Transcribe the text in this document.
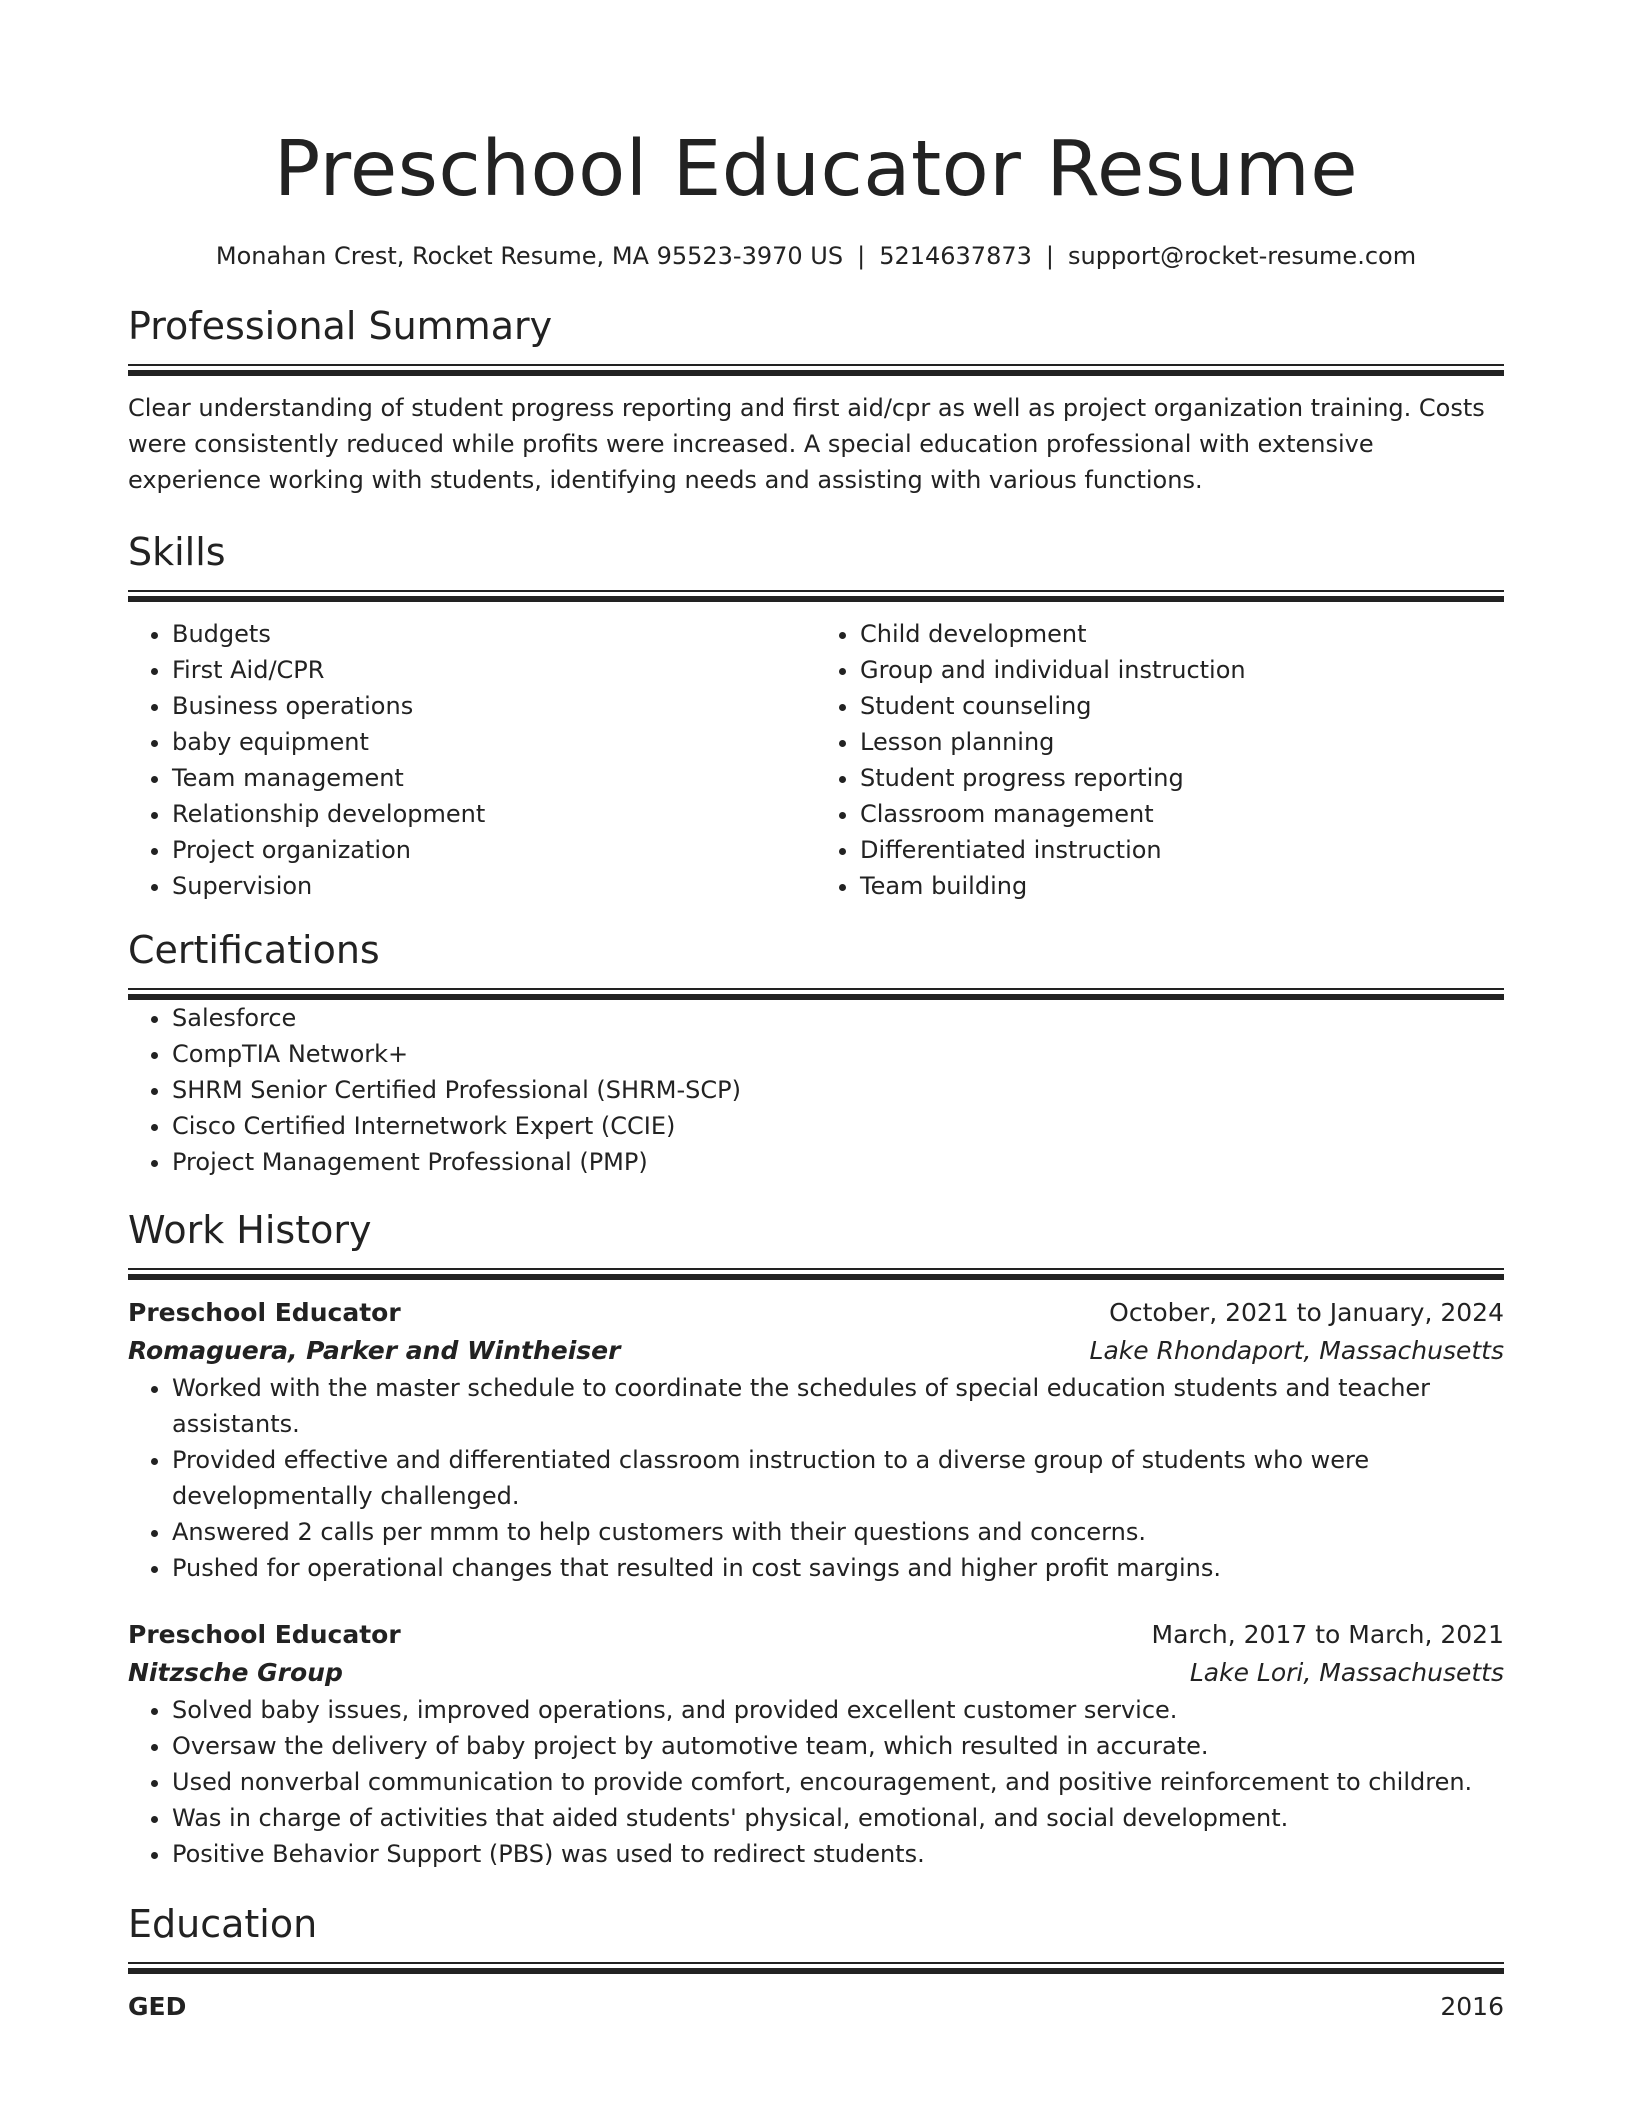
Preschool Educator Resume
Monahan Crest, Rocket Resume, MA 95523-3970 US | 5214637873 | support@rocket-resume.com
Professional Summary

Clear understanding of student progress reporting and first aid/cpr as well as project organization training. Costs were consistently reduced while profits were increased. A special education professional with extensive experience working with students, identifying needs and assisting with various functions.

Skills
• Budgets
• First Aid/CPR
• Business operations
• baby equipment
• Team management
• Relationship development
• Project organization
• Supervision
• Child development
• Group and individual instruction
• Student counseling
• Lesson planning
• Student progress reporting
• Classroom management
• Differentiated instruction
• Team building
Certifications
• Salesforce
• CompTIA Network+
• SHRM Senior Certified Professional (SHRM-SCP)
• Cisco Certified Internetwork Expert (CCIE)
• Project Management Professional (PMP)
Work History
Preschool Educator	October, 2021 to January, 2024
Romaguera, Parker and Wintheiser	Lake Rhondaport, Massachusetts
• Worked with the master schedule to coordinate the schedules of special education students and teacher assistants.
• Provided effective and differentiated classroom instruction to a diverse group of students who were developmentally challenged.
• Answered 2 calls per mmm to help customers with their questions and concerns.
• Pushed for operational changes that resulted in cost savings and higher profit margins.
Preschool Educator	March, 2017 to March, 2021
Nitzsche Group	Lake Lori, Massachusetts
• Solved baby issues, improved operations, and provided excellent customer service.
• Oversaw the delivery of baby project by automotive team, which resulted in accurate.
• Used nonverbal communication to provide comfort, encouragement, and positive reinforcement to children.
• Was in charge of activities that aided students' physical, emotional, and social development.
• Positive Behavior Support (PBS) was used to redirect students.
Education
GED	2016
